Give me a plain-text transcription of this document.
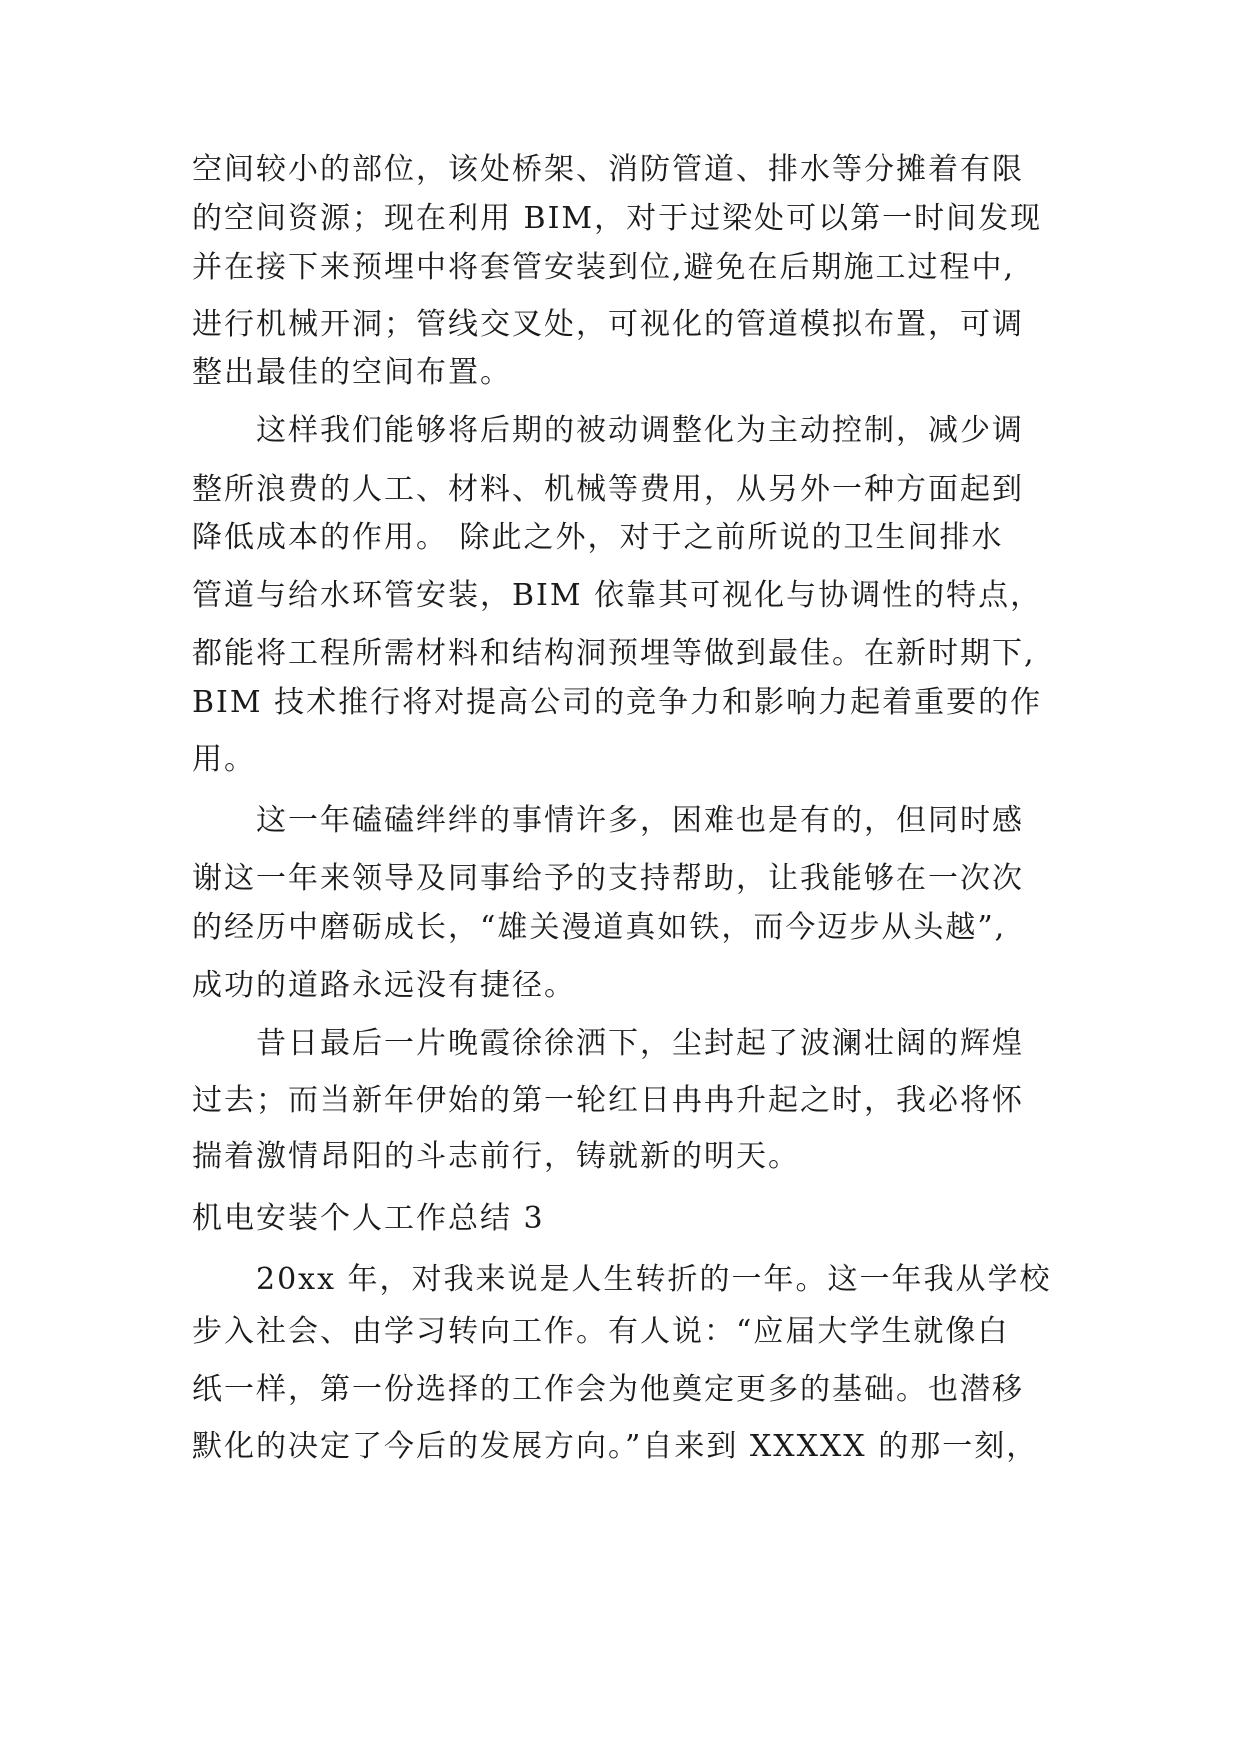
空间较小的部位，该处桥架、消防管道、排水等分摊着有限
的空间资源；现在利用 BIM，对于过梁处可以第一时间发现
并在接下来预埋中将套管安装到位,避免在后期施工过程中,
进行机械开洞；管线交叉处，可视化的管道模拟布置，可调
整出最佳的空间布置。
这样我们能够将后期的被动调整化为主动控制，减少调
整所浪费的人工、材料、机械等费用，从另外一种方面起到
降低成本的作用。 除此之外，对于之前所说的卫生间排水
管道与给水环管安装，BIM 依靠其可视化与协调性的特点，
都能将工程所需材料和结构洞预埋等做到最佳。在新时期下,
BIM 技术推行将对提高公司的竞争力和影响力起着重要的作
用。
这一年磕磕绊绊的事情许多，困难也是有的，但同时感
谢这一年来领导及同事给予的支持帮助，让我能够在一次次
的经历中磨砺成长，“雄关漫道真如铁，而今迈步从头越”,
成功的道路永远没有捷径。
昔日最后一片晚霞徐徐洒下，尘封起了波澜壮阔的辉煌
过去；而当新年伊始的第一轮红日冉冉升起之时，我必将怀
揣着激情昂阳的斗志前行，铸就新的明天。
机电安装个人工作总结 3
20xx 年，对我来说是人生转折的一年。这一年我从学校
步入社会、由学习转向工作。有人说：“应届大学生就像白
纸一样，第一份选择的工作会为他奠定更多的基础。也潜移
默化的决定了今后的发展方向。”自来到 XXXXX 的那一刻，
